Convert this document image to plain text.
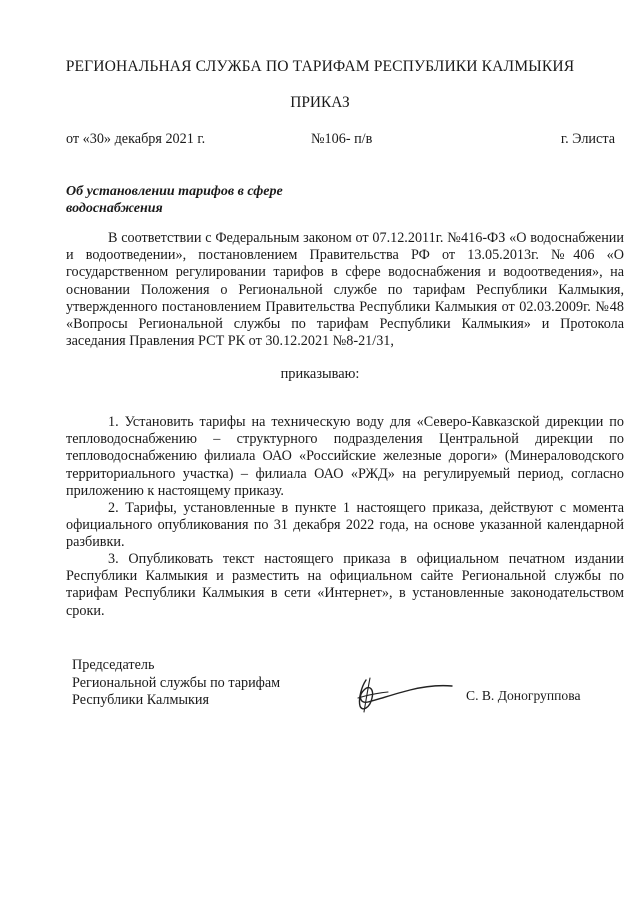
РЕГИОНАЛЬНАЯ СЛУЖБА ПО ТАРИФАМ РЕСПУБЛИКИ КАЛМЫКИЯ

ПРИКАЗ

от «30» декабря 2021 г.	№106- п/в	г. Элиста

Об установлении тарифов в сфере водоснабжения

В соответствии с Федеральным законом от 07.12.2011г. №416-ФЗ «О водоснабжении и водоотведении», постановлением Правительства РФ от 13.05.2013г. №406 «О государственном регулировании тарифов в сфере водоснабжения и водоотведения», на основании Положения о Региональной службе по тарифам Республики Калмыкия, утвержденного постановлением Правительства Республики Калмыкия от 02.03.2009г. №48 «Вопросы Региональной службы по тарифам Республики Калмыкия» и Протокола заседания Правления РСТ РК от 30.12.2021 №8-21/31,

приказываю:

1. Установить тарифы на техническую воду для «Северо-Кавказской дирекции по тепловодоснабжению – структурного подразделения Центральной дирекции по тепловодоснабжению филиала ОАО «Российские железные дороги» (Минераловодского территориального участка) – филиала ОАО «РЖД» на регулируемый период, согласно приложению к настоящему приказу.

2. Тарифы, установленные в пункте 1 настоящего приказа, действуют с момента официального опубликования по 31 декабря 2022 года, на основе указанной календарной разбивки.

3. Опубликовать текст настоящего приказа в официальном печатном издании Республики Калмыкия и разместить на официальном сайте Региональной службы по тарифам Республики Калмыкия в сети «Интернет», в установленные законодательством сроки.

Председатель
Региональной службы по тарифам
Республики Калмыкия	С. В. Доногруппова
